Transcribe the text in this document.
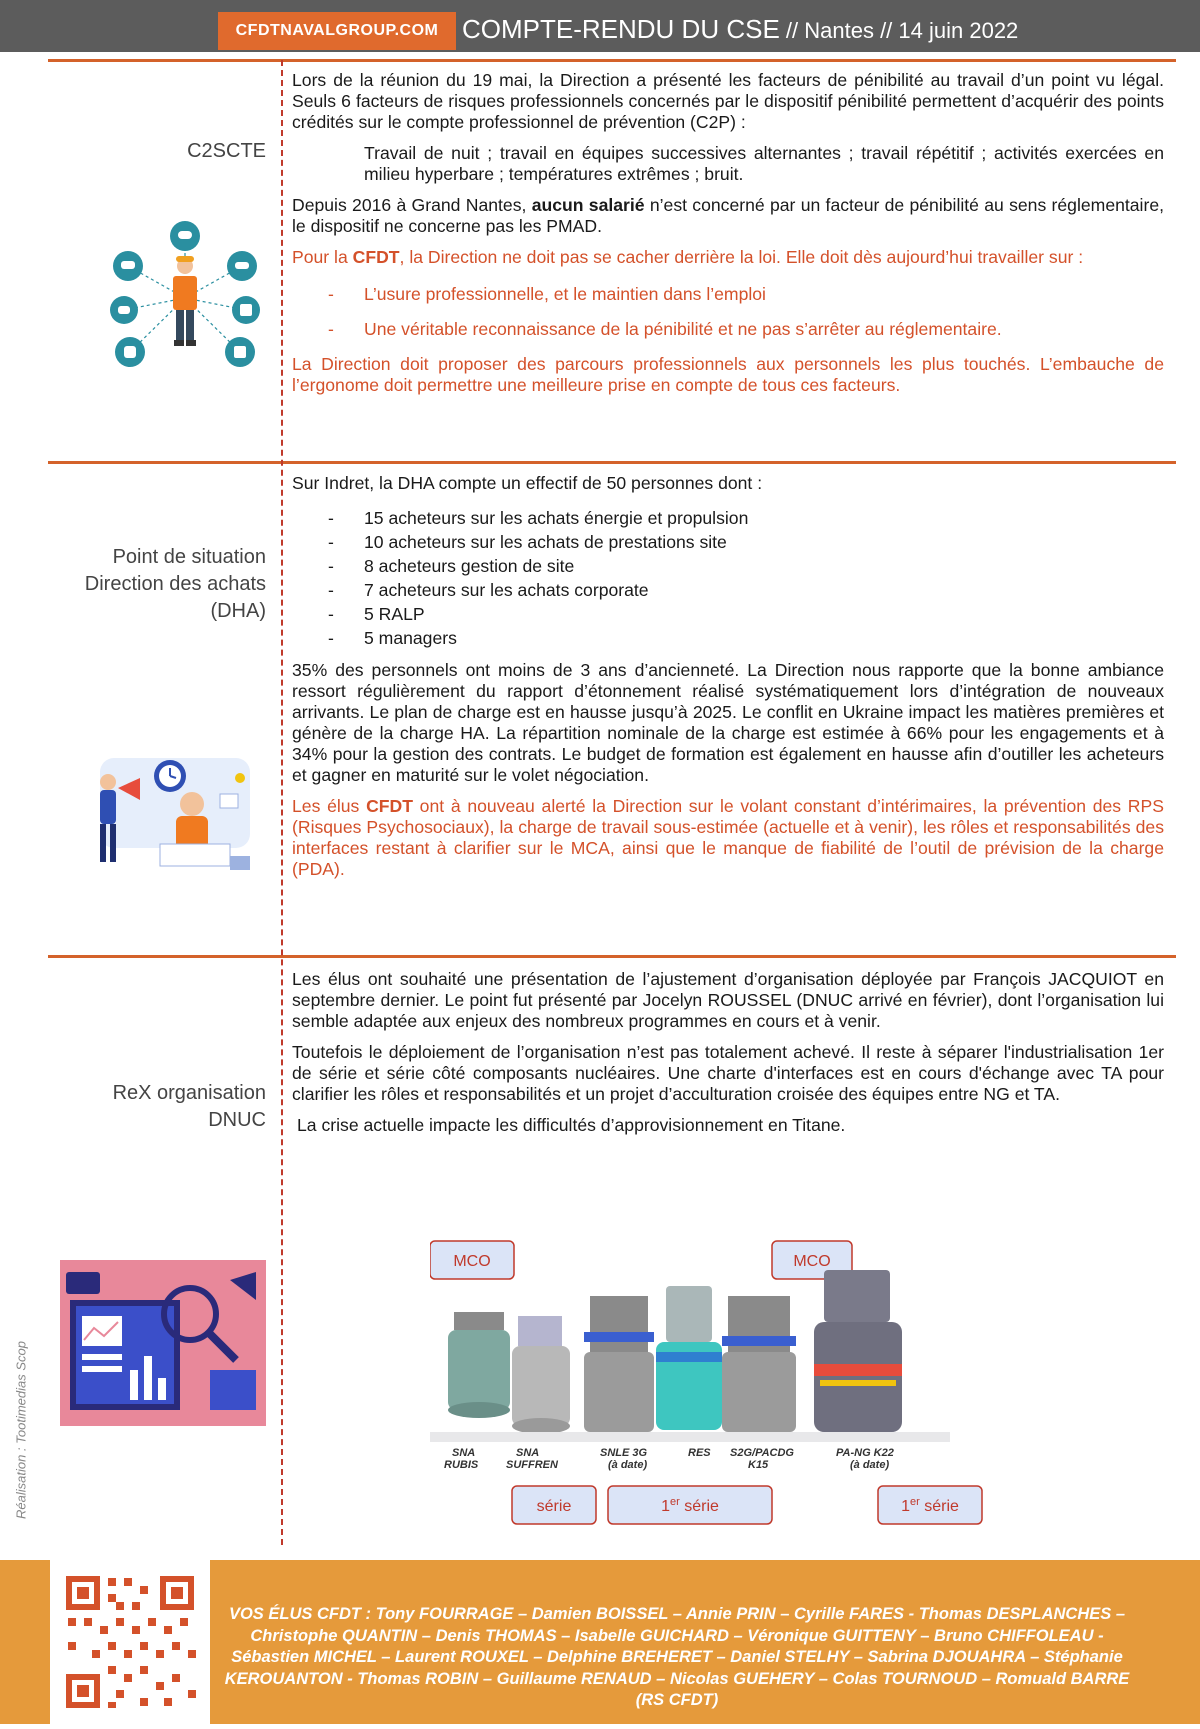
CFDTNAVALGROUP.COM COMPTE-RENDU DU CSE // Nantes // 14 juin 2022
C2SCTE

Lors de la réunion du 19 mai, la Direction a présenté les facteurs de pénibilité au travail d’un point vu légal. Seuls 6 facteurs de risques professionnels concernés par le dispositif pénibilité permettent d’acquérir des points crédités sur le compte professionnel de prévention (C2P) :

Travail de nuit ; travail en équipes successives alternantes ; travail répétitif ; activités exercées en milieu hyperbare ; températures extrêmes ; bruit.

Depuis 2016 à Grand Nantes, aucun salarié n’est concerné par un facteur de pénibilité au sens réglementaire, le dispositif ne concerne pas les PMAD.

Pour la CFDT, la Direction ne doit pas se cacher derrière la loi. Elle doit dès aujourd’hui travailler sur :

- L’usure professionnelle, et le maintien dans l’emploi
- Une véritable reconnaissance de la pénibilité et ne pas s’arrêter au réglementaire.

La Direction doit proposer des parcours professionnels aux personnels les plus touchés. L’embauche de l’ergonome doit permettre une meilleure prise en compte de tous ces facteurs.

Point de situation Direction des achats (DHA)

Sur Indret, la DHA compte un effectif de 50 personnes dont :

- 15 acheteurs sur les achats énergie et propulsion
- 10 acheteurs sur les achats de prestations site
- 8 acheteurs gestion de site
- 7 acheteurs sur les achats corporate
- 5 RALP
- 5 managers

35% des personnels ont moins de 3 ans d’ancienneté. La Direction nous rapporte que la bonne ambiance ressort régulièrement du rapport d’étonnement réalisé systématiquement lors d’intégration de nouveaux arrivants. Le plan de charge est en hausse jusqu’à 2025. Le conflit en Ukraine impact les matières premières et génère de la charge HA. La répartition nominale de la charge est estimée à 66% pour les engagements et à 34% pour la gestion des contrats. Le budget de formation est également en hausse afin d’outiller les acheteurs et gagner en maturité sur le volet négociation.

Les élus CFDT ont à nouveau alerté la Direction sur le volant constant d’intérimaires, la prévention des RPS (Risques Psychosociaux), la charge de travail sous-estimée (actuelle et à venir), les rôles et responsabilités des interfaces restant à clarifier sur le MCA, ainsi que le manque de fiabilité de l’outil de prévision de la charge (PDA).

ReX organisation DNUC

Les élus ont souhaité une présentation de l’ajustement d’organisation déployée par François JACQUIOT en septembre dernier. Le point fut présenté par Jocelyn ROUSSEL (DNUC arrivé en février), dont l’organisation lui semble adaptée aux enjeux des nombreux programmes en cours et à venir.

Toutefois le déploiement de l’organisation n’est pas totalement achevé. Il reste à séparer l'industrialisation 1er de série et série côté composants nucléaires. Une charte d'interfaces est en cours d'échange avec TA pour clarifier les rôles et responsabilités et un projet d’acculturation croisée des équipes entre NG et TA.

La crise actuelle impacte les difficultés d’approvisionnement en Titane.

MCO	MCO
SNA
RUBIS
SNA
SUFFREN
SNLE 3G
(à date)
RES S2G/PACDG
K15
PA-NG K22
(à date)
série	1er série	1er série
Réalisation : Tootimedias Scop
VOS ÉLUS CFDT : Tony FOURRAGE – Damien BOISSEL – Annie PRIN – Cyrille FARES - Thomas DESPLANCHES – Christophe QUANTIN – Denis THOMAS – Isabelle GUICHARD – Véronique GUITTENY – Bruno CHIFFOLEAU - Sébastien MICHEL – Laurent ROUXEL – Delphine BREHERET – Daniel STELHY – Sabrina DJOUAHRA – Stéphanie KEROUANTON - Thomas ROBIN – Guillaume RENAUD – Nicolas GUEHERY – Colas TOURNOUD – Romuald BARRE (RS CFDT)
